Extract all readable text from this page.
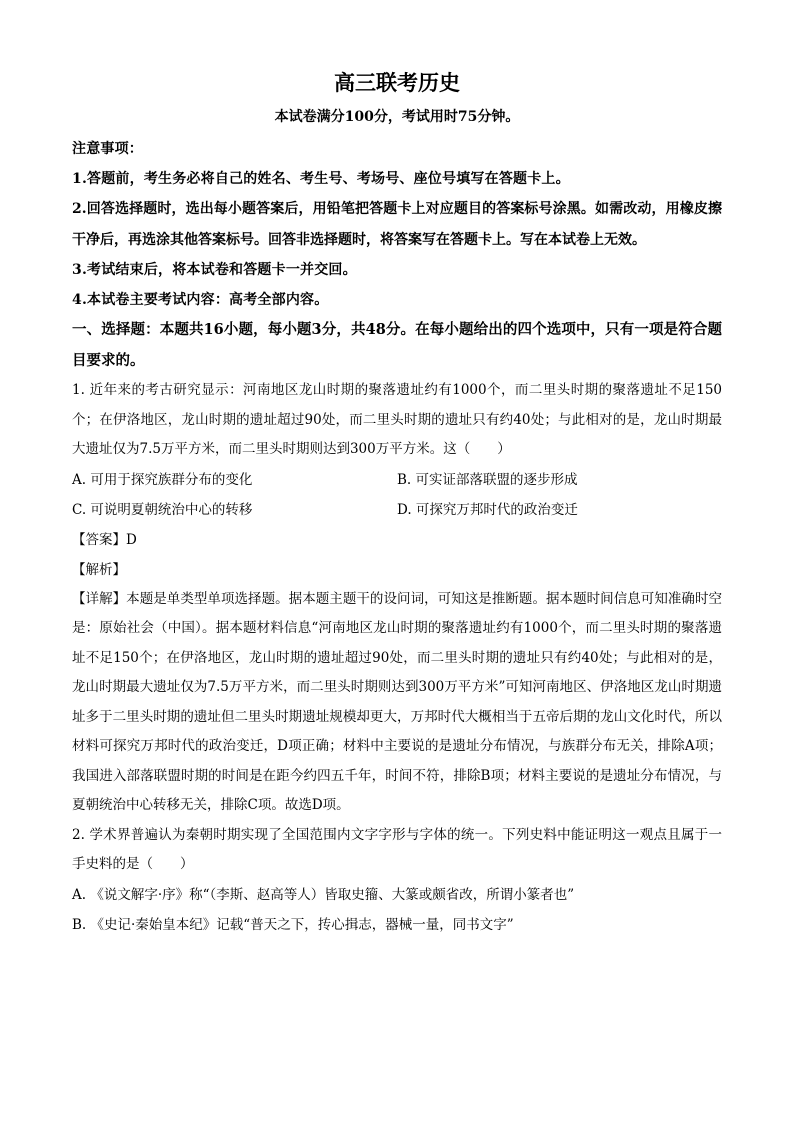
高三联考历史
本试卷满分100分，考试用时75分钟。
注意事项：
1.答题前，考生务必将自己的姓名、考生号、考场号、座位号填写在答题卡上。
2.回答选择题时，选出每小题答案后，用铅笔把答题卡上对应题目的答案标号涂黑。如需改动，用橡皮擦干净后，再选涂其他答案标号。回答非选择题时，将答案写在答题卡上。写在本试卷上无效。
3.考试结束后，将本试卷和答题卡一并交回。
4.本试卷主要考试内容：高考全部内容。
一、选择题：本题共16小题，每小题3分，共48分。在每小题给出的四个选项中，只有一项是符合题目要求的。
1. 近年来的考古研究显示：河南地区龙山时期的聚落遗址约有1000个，而二里头时期的聚落遗址不足150个；在伊洛地区，龙山时期的遗址超过90处，而二里头时期的遗址只有约40处；与此相对的是，龙山时期最大遗址仅为7.5万平方米，而二里头时期则达到300万平方米。这（　　）
A. 可用于探究族群分布的变化	B. 可实证部落联盟的逐步形成
C. 可说明夏朝统治中心的转移	D. 可探究万邦时代的政治变迁
【答案】D
【解析】
【详解】本题是单类型单项选择题。据本题主题干的设问词，可知这是推断题。据本题时间信息可知准确时空是：原始社会（中国）。据本题材料信息“河南地区龙山时期的聚落遗址约有1000个，而二里头时期的聚落遗址不足150个；在伊洛地区，龙山时期的遗址超过90处，而二里头时期的遗址只有约40处；与此相对的是，龙山时期最大遗址仅为7.5万平方米，而二里头时期则达到300万平方米”可知河南地区、伊洛地区龙山时期遗址多于二里头时期的遗址但二里头时期遗址规模却更大，万邦时代大概相当于五帝后期的龙山文化时代，所以材料可探究万邦时代的政治变迁，D项正确；材料中主要说的是遗址分布情况，与族群分布无关，排除A项；我国进入部落联盟时期的时间是在距今约四五千年，时间不符，排除B项；材料主要说的是遗址分布情况，与夏朝统治中心转移无关，排除C项。故选D项。
2. 学术界普遍认为秦朝时期实现了全国范围内文字字形与字体的统一。下列史料中能证明这一观点且属于一手史料的是（　　）
A. 《说文解字·序》称“（李斯、赵高等人）皆取史籀、大篆或颇省改，所谓小篆者也”
B. 《史记·秦始皇本纪》记载“普天之下，抟心揖志，器械一量，同书文字”
